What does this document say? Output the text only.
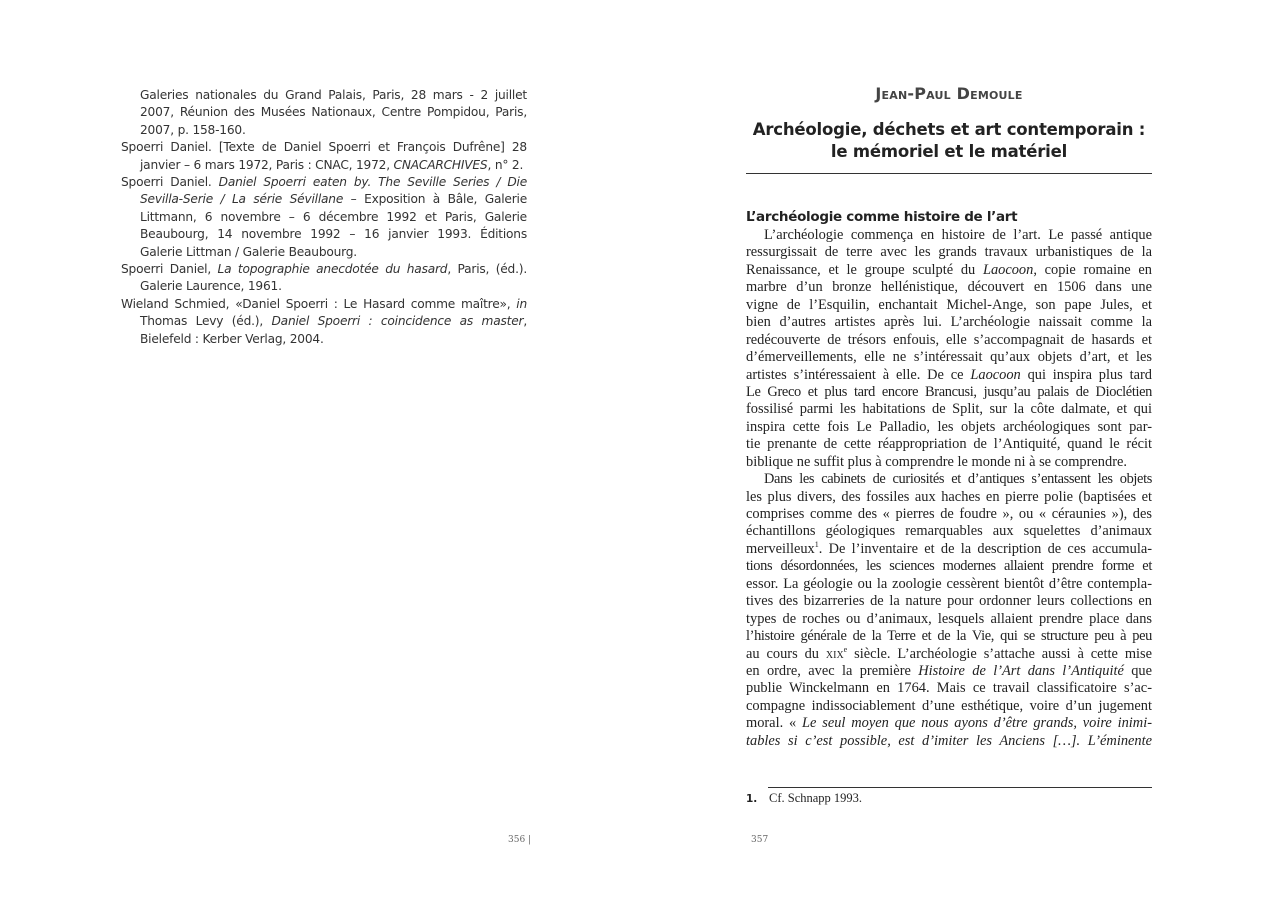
Galeries nationales du Grand Palais, Paris, 28 mars - 2 juillet 2007, Réunion des Musées Nationaux, Centre Pompidou, Paris, 2007, p. 158-160.

Spoerri Daniel. [Texte de Daniel Spoerri et François Dufrêne] 28 janvier – 6 mars 1972, Paris : CNAC, 1972, CNACARCHIVES, n° 2.

Spoerri Daniel. Daniel Spoerri eaten by. The Seville Series / Die Sevilla-Serie / La série Sévillane – Exposition à Bâle, Galerie Littmann, 6 novembre – 6 décembre 1992 et Paris, Galerie Beaubourg, 14 novembre 1992 – 16 janvier 1993. Éditions Galerie Littman / Galerie Beaubourg.

Spoerri Daniel, La topographie anecdotée du hasard, Paris, (éd.). Galerie Laurence, 1961.

Wieland Schmied, «Daniel Spoerri : Le Hasard comme maître», in Thomas Levy (éd.), Daniel Spoerri : coincidence as master, Bielefeld : Kerber Verlag, 2004.

356 |
Jean-Paul Demoule
Archéologie, déchets et art contemporain :
le mémoriel et le matériel
L’archéologie comme histoire de l’art
L’archéologie commença en histoire de l’art. Le passé antique
ressurgissait de terre avec les grands travaux urbanistiques de la
Renaissance, et le groupe sculpté du Laocoon, copie romaine en
marbre d’un bronze hellénistique, découvert en 1506 dans une
vigne de l’Esquilin, enchantait Michel-Ange, son pape Jules, et
bien d’autres artistes après lui. L’archéologie naissait comme la
redécouverte de trésors enfouis, elle s’accompagnait de hasards et
d’émerveillements, elle ne s’intéressait qu’aux objets d’art, et les
artistes s’intéressaient à elle. De ce Laocoon qui inspira plus tard
Le Greco et plus tard encore Brancusi, jusqu’au palais de Dioclétien
fossilisé parmi les habitations de Split, sur la côte dalmate, et qui
inspira cette fois Le Palladio, les objets archéologiques sont par-
tie prenante de cette réappropriation de l’Antiquité, quand le récit
biblique ne suffit plus à comprendre le monde ni à se comprendre.
Dans les cabinets de curiosités et d’antiques s’entassent les objets
les plus divers, des fossiles aux haches en pierre polie (baptisées et
comprises comme des « pierres de foudre », ou « céraunies »), des
échantillons géologiques remarquables aux squelettes d’animaux
merveilleux$^1$. De l’inventaire et de la description de ces accumula-
tions désordonnées, les sciences modernes allaient prendre forme et
essor. La géologie ou la zoologie cessèrent bientôt d’être contempla-
tives des bizarreries de la nature pour ordonner leurs collections en
types de roches ou d’animaux, lesquels allaient prendre place dans
l’histoire générale de la Terre et de la Vie, qui se structure peu à peu
au cours du xix$^e$ siècle. L’archéologie s’attache aussi à cette mise
en ordre, avec la première Histoire de l’Art dans l’Antiquité que
publie Winckelmann en 1764. Mais ce travail classificatoire s’ac-
compagne indissociablement d’une esthétique, voire d’un jugement
moral. « Le seul moyen que nous ayons d’être grands, voire inimi-
tables si c’est possible, est d’imiter les Anciens […]. L’éminente
1. Cf. Schnapp 1993.
357
